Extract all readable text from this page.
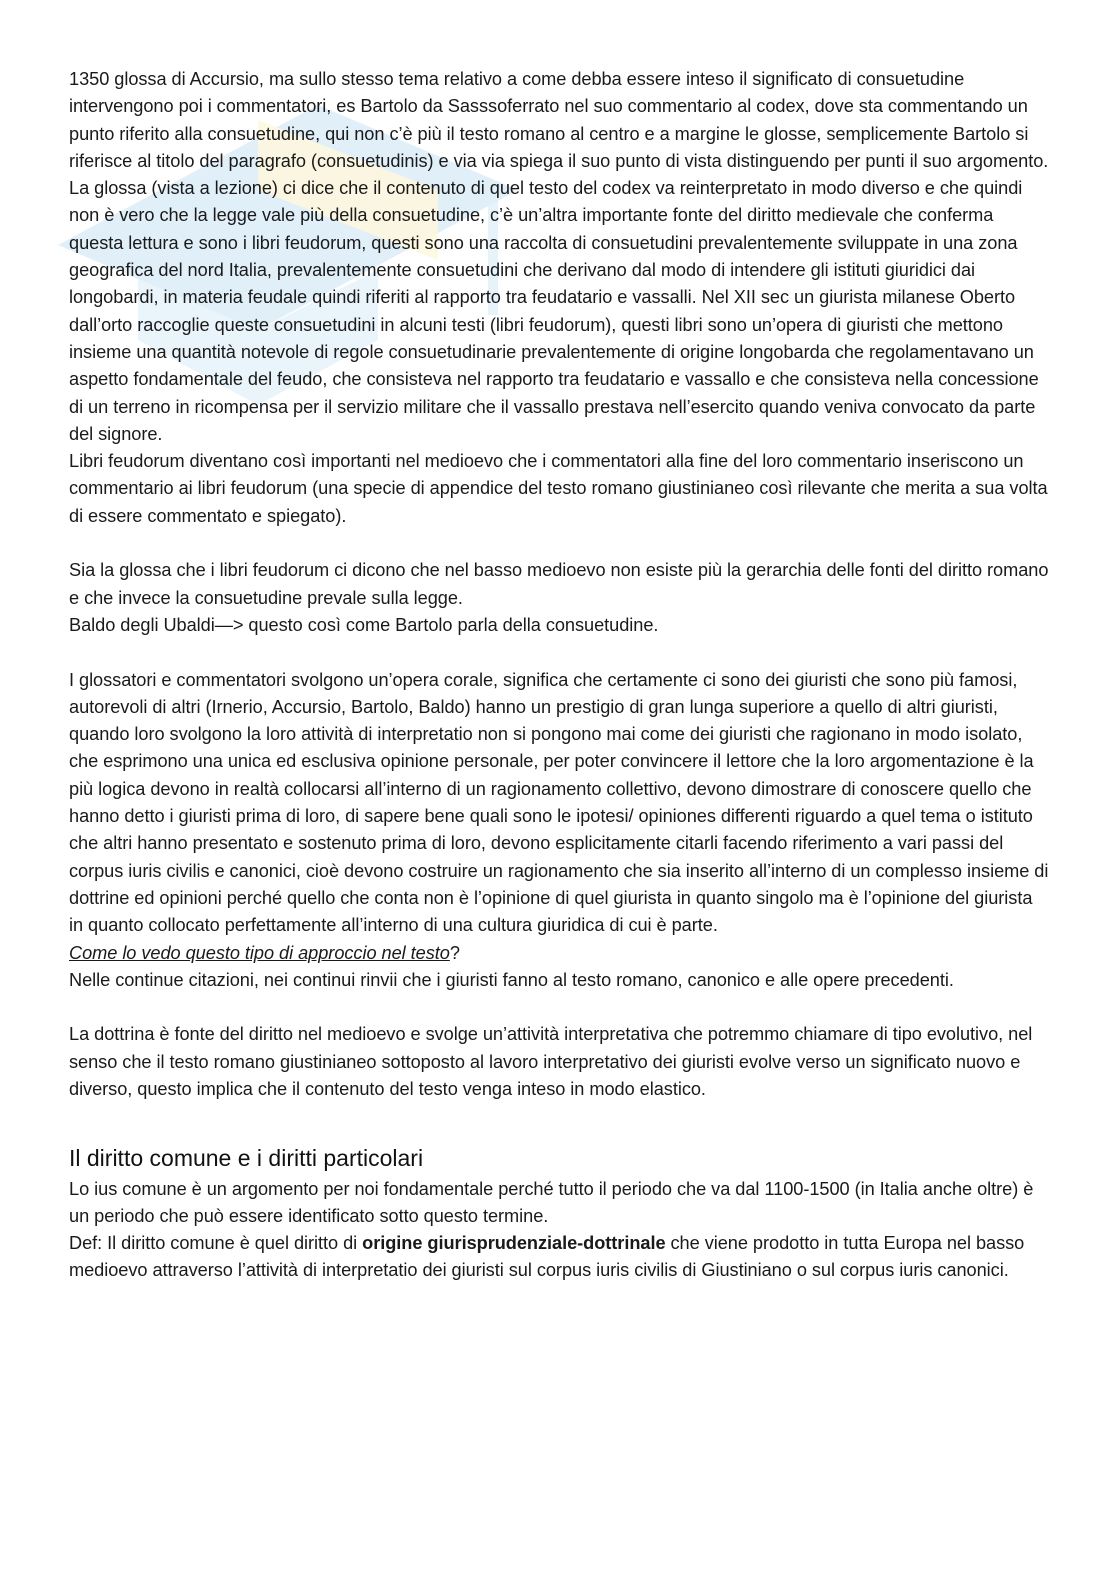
1350 glossa di Accursio, ma sullo stesso tema relativo a come debba essere inteso il significato di consuetudine intervengono poi i commentatori, es Bartolo da Sasssoferrato nel suo commentario al codex, dove sta commentando un punto riferito alla consuetudine, qui non c’è più il testo romano al centro e a margine le glosse, semplicemente Bartolo si riferisce al titolo del paragrafo (consuetudinis) e via via spiega il suo punto di vista distinguendo per punti il suo argomento.

La glossa (vista a lezione) ci dice che il contenuto di quel testo del codex va reinterpretato in modo diverso e che quindi non è vero che la legge vale più della consuetudine, c’è un’altra importante fonte del diritto medievale che conferma questa lettura e sono i libri feudorum, questi sono una raccolta di consuetudini prevalentemente sviluppate in una zona geografica del nord Italia, prevalentemente consuetudini che derivano dal modo di intendere gli istituti giuridici dai longobardi, in materia feudale quindi riferiti al rapporto tra feudatario e vassalli. Nel XII sec un giurista milanese Oberto dall’orto raccoglie queste consuetudini in alcuni testi (libri feudorum), questi libri sono un’opera di giuristi che mettono insieme una quantità notevole di regole consuetudinarie prevalentemente di origine longobarda che regolamentavano un aspetto fondamentale del feudo, che consisteva nel rapporto tra feudatario e vassallo e che consisteva nella concessione di un terreno in ricompensa per il servizio militare che il vassallo prestava nell’esercito quando veniva convocato da parte del signore.

Libri feudorum diventano così importanti nel medioevo che i commentatori alla fine del loro commentario inseriscono un commentario ai libri feudorum (una specie di appendice del testo romano giustinianeo così rilevante che merita a sua volta di essere commentato e spiegato).

Sia la glossa che i libri feudorum ci dicono che nel basso medioevo non esiste più la gerarchia delle fonti del diritto romano e che invece la consuetudine prevale sulla legge.

Baldo degli Ubaldi—> questo così come Bartolo parla della consuetudine.

I glossatori e commentatori svolgono un’opera corale, significa che certamente ci sono dei giuristi che sono più famosi, autorevoli di altri (Irnerio, Accursio, Bartolo, Baldo) hanno un prestigio di gran lunga superiore a quello di altri giuristi, quando loro svolgono la loro attività di interpretatio non si pongono mai come dei giuristi che ragionano in modo isolato, che esprimono una unica ed esclusiva opinione personale, per poter convincere il lettore che la loro argomentazione è la più logica devono in realtà collocarsi all’interno di un ragionamento collettivo, devono dimostrare di conoscere quello che hanno detto i giuristi prima di loro, di sapere bene quali sono le ipotesi/ opiniones differenti riguardo a quel tema o istituto che altri hanno presentato e sostenuto prima di loro, devono esplicitamente citarli facendo riferimento a vari passi del corpus iuris civilis e canonici, cioè devono costruire un ragionamento che sia inserito all’interno di un complesso insieme di dottrine ed opinioni perché quello che conta non è l’opinione di quel giurista in quanto singolo ma è l’opinione del giurista in quanto collocato perfettamente all’interno di una cultura giuridica di cui è parte.

Come lo vedo questo tipo di approccio nel testo?

Nelle continue citazioni, nei continui rinvii che i giuristi fanno al testo romano, canonico e alle opere precedenti.

La dottrina è fonte del diritto nel medioevo e svolge un’attività interpretativa che potremmo chiamare di tipo evolutivo, nel senso che il testo romano giustinianeo sottoposto al lavoro interpretativo dei giuristi evolve verso un significato nuovo e diverso, questo implica che il contenuto del testo venga inteso in modo elastico.

Il diritto comune e i diritti particolari

Lo ius comune è un argomento per noi fondamentale perché tutto il periodo che va dal 1100-1500 (in Italia anche oltre) è un periodo che può essere identificato sotto questo termine.

Def: Il diritto comune è quel diritto di origine giurisprudenziale-dottrinale che viene prodotto in tutta Europa nel basso medioevo attraverso l’attività di interpretatio dei giuristi sul corpus iuris civilis di Giustiniano o sul corpus iuris canonici.
